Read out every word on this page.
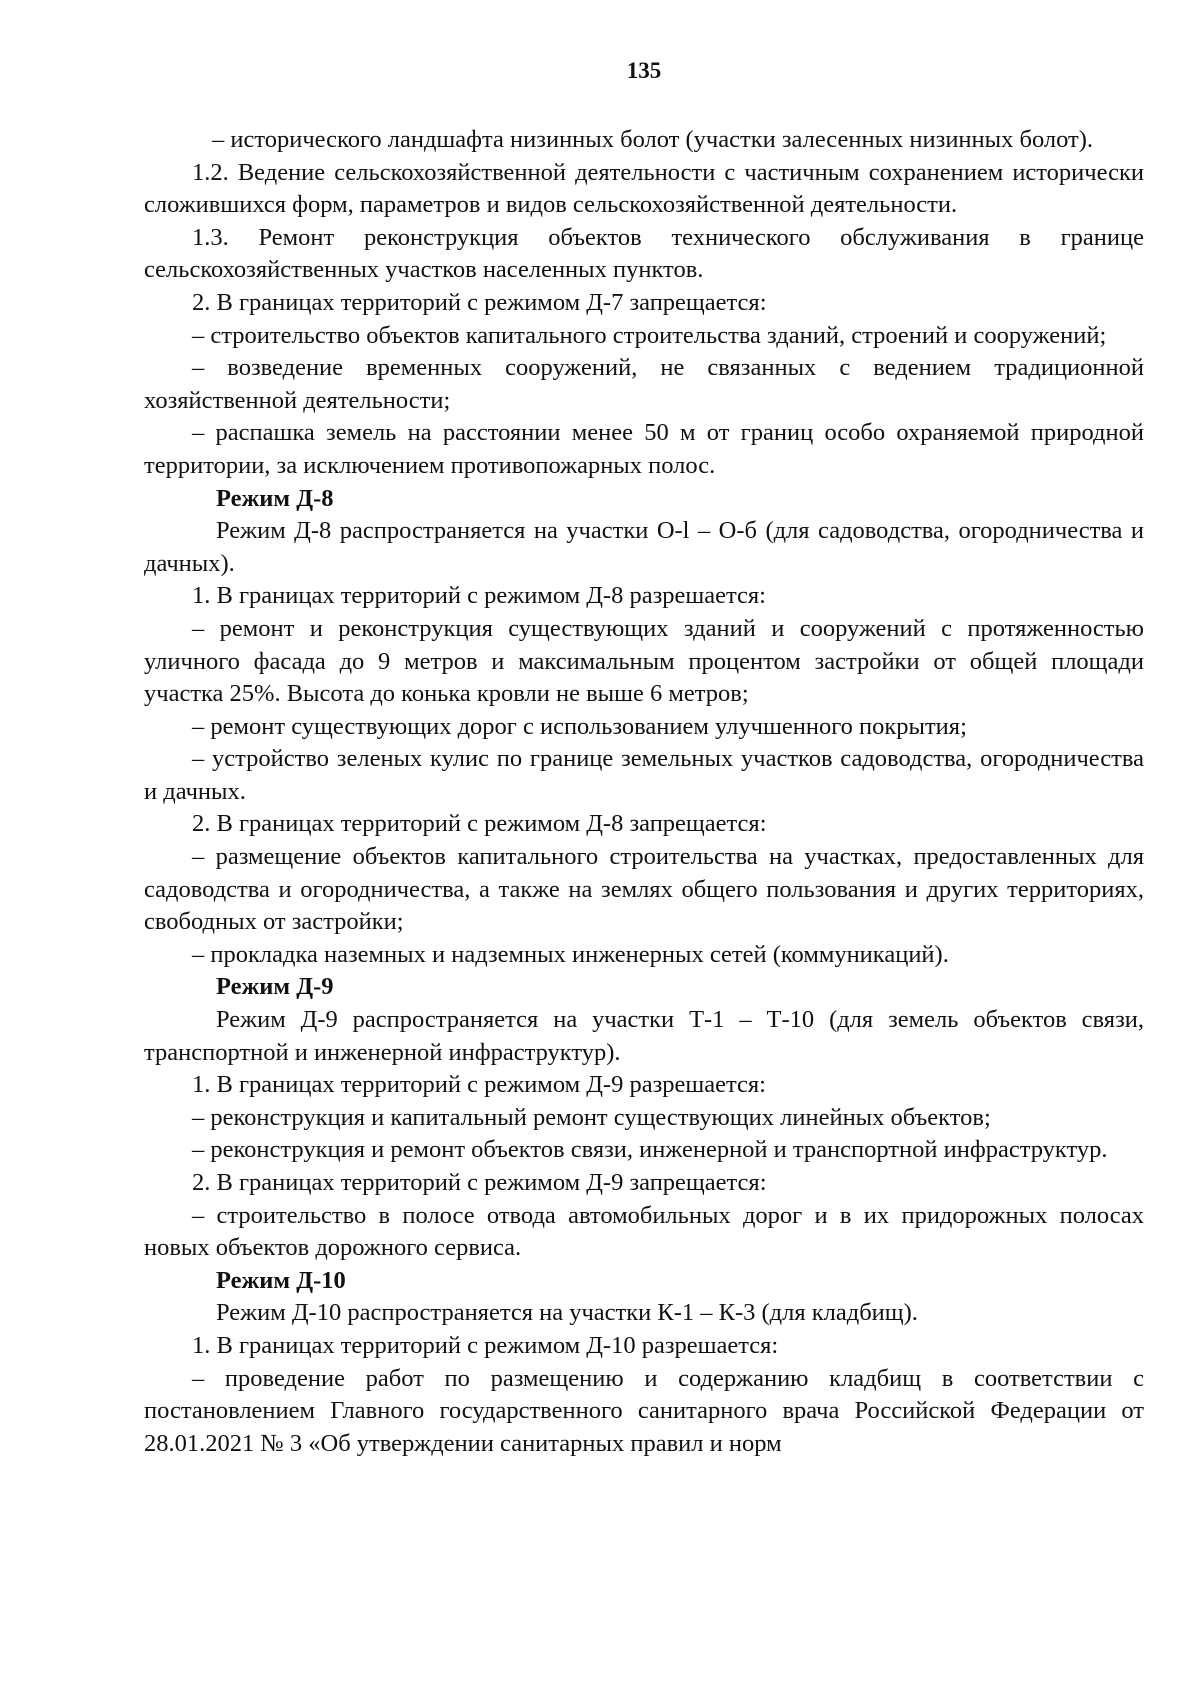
135

– исторического ландшафта низинных болот (участки залесенных низинных болот).

1.2. Ведение сельскохозяйственной деятельности с частичным сохранением исторически сложившихся форм, параметров и видов сельскохозяйственной деятельности.

1.3. Ремонт реконструкция объектов технического обслуживания в границе сельскохозяйственных участков населенных пунктов.

2. В границах территорий с режимом Д-7 запрещается:

– строительство объектов капитального строительства зданий, строений и сооружений;

– возведение временных сооружений, не связанных с ведением традиционной хозяйственной деятельности;

– распашка земель на расстоянии менее 50 м от границ особо охраняемой природной территории, за исключением противопожарных полос.

Режим Д-8

Режим Д-8 распространяется на участки О-l – О-б (для садоводства, огородничества и дачных).

1. В границах территорий с режимом Д-8 разрешается:

– ремонт и реконструкция существующих зданий и сооружений с протяженностью уличного фасада до 9 метров и максимальным процентом застройки от общей площади участка 25%. Высота до конька кровли не выше 6 метров;

– ремонт существующих дорог с использованием улучшенного покрытия;

– устройство зеленых кулис по границе земельных участков садоводства, огородничества и дачных.

2. В границах территорий с режимом Д-8 запрещается:

– размещение объектов капитального строительства на участках, предоставленных для садоводства и огородничества, а также на землях общего пользования и других территориях, свободных от застройки;

– прокладка наземных и надземных инженерных сетей (коммуникаций).

Режим Д-9

Режим Д-9 распространяется на участки Т-1 – Т-10 (для земель объектов связи, транспортной и инженерной инфраструктур).

1. В границах территорий с режимом Д-9 разрешается:

– реконструкция и капитальный ремонт существующих линейных объектов;

– реконструкция и ремонт объектов связи, инженерной и транспортной инфраструктур.

2. В границах территорий с режимом Д-9 запрещается:

– строительство в полосе отвода автомобильных дорог и в их придорожных полосах новых объектов дорожного сервиса.

Режим Д-10

Режим Д-10 распространяется на участки К-1 – К-3 (для кладбищ).

1. В границах территорий с режимом Д-10 разрешается:

– проведение работ по размещению и содержанию кладбищ в соответствии с постановлением Главного государственного санитарного врача Российской Федерации от 28.01.2021 № 3 «Об утверждении санитарных правил и норм
